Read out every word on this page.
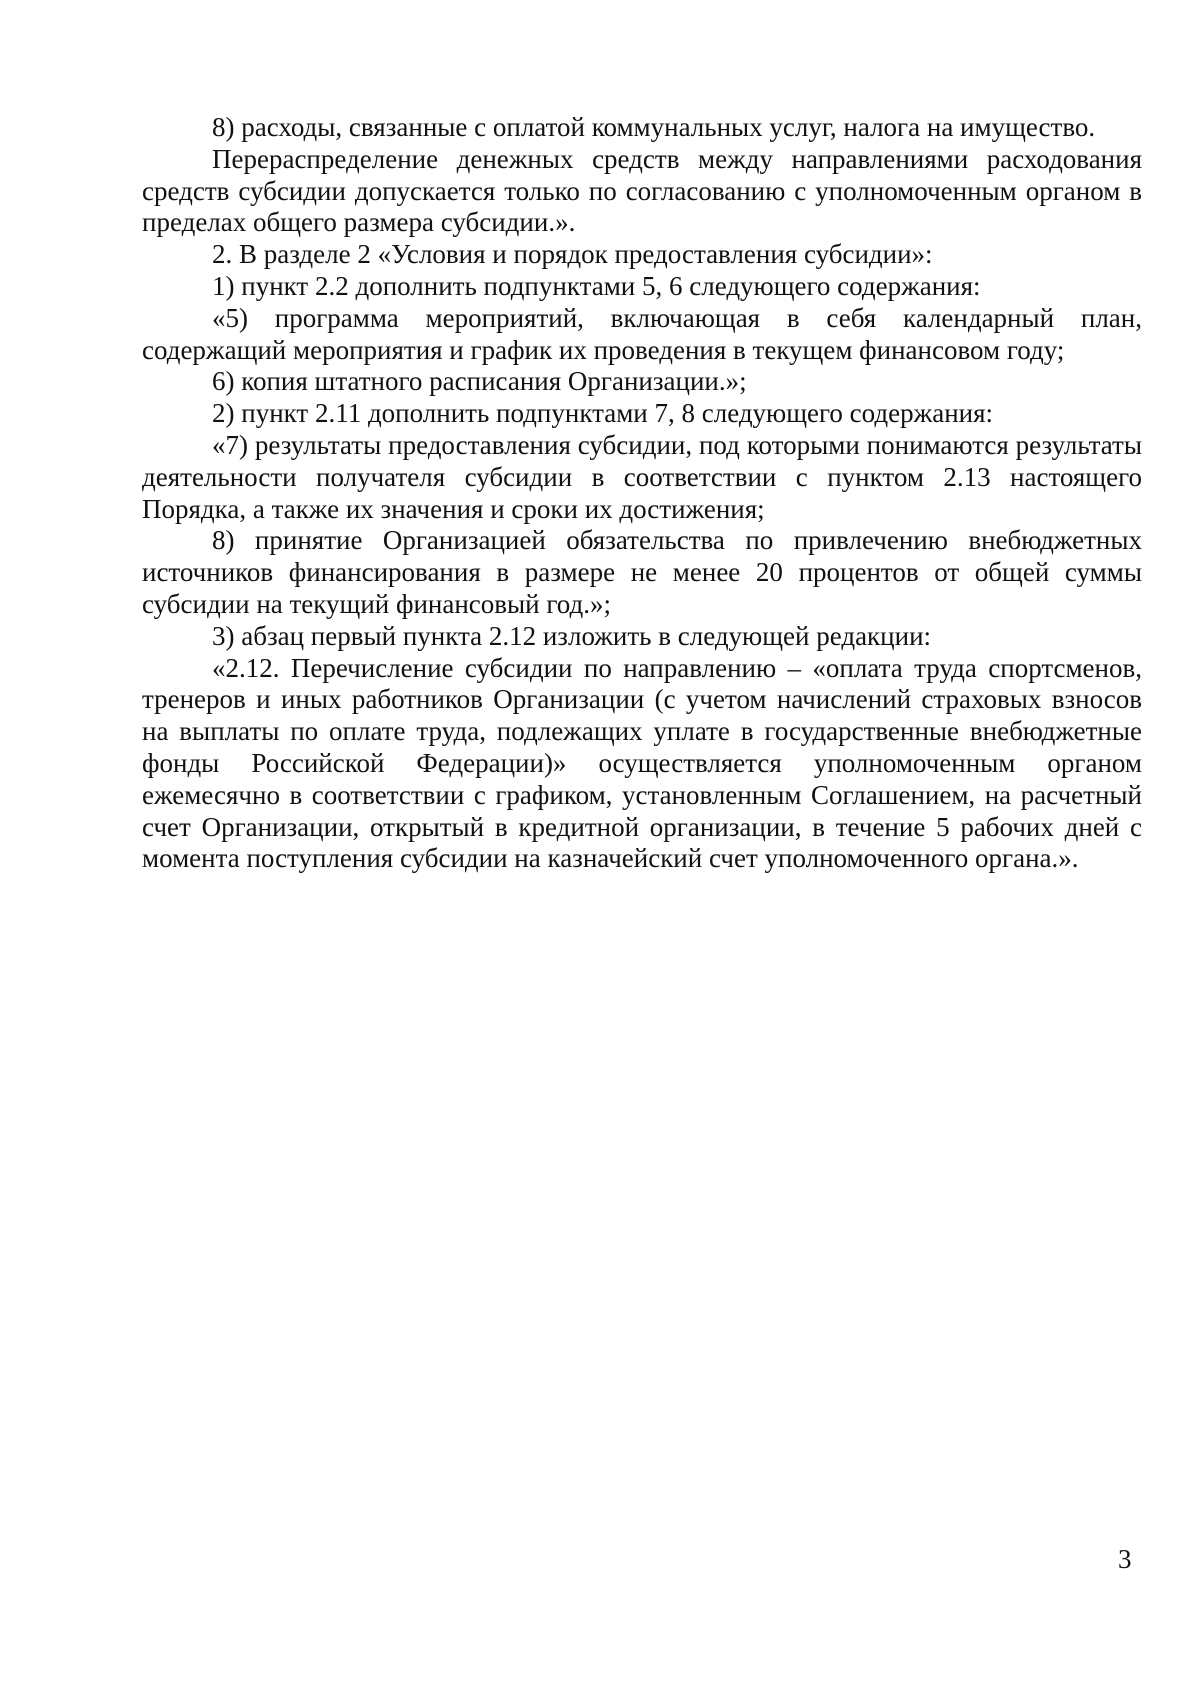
8) расходы, связанные с оплатой коммунальных услуг, налога на имущество.

Перераспределение денежных средств между направлениями расходования средств субсидии допускается только по согласованию с уполномоченным органом в пределах общего размера субсидии.».

2. В разделе 2 «Условия и порядок предоставления субсидии»:

1) пункт 2.2 дополнить подпунктами 5, 6 следующего содержания:

«5) программа мероприятий, включающая в себя календарный план, содержащий мероприятия и график их проведения в текущем финансовом году;

6) копия штатного расписания Организации.»;

2) пункт 2.11 дополнить подпунктами 7, 8 следующего содержания:

«7) результаты предоставления субсидии, под которыми понимаются результаты деятельности получателя субсидии в соответствии с пунктом 2.13 настоящего Порядка, а также их значения и сроки их достижения;

8) принятие Организацией обязательства по привлечению внебюджетных источников финансирования в размере не менее 20 процентов от общей суммы субсидии на текущий финансовый год.»;

3) абзац первый пункта 2.12 изложить в следующей редакции:

«2.12. Перечисление субсидии по направлению – «оплата труда спортсменов, тренеров и иных работников Организации (с учетом начислений страховых взносов на выплаты по оплате труда, подлежащих уплате в государственные внебюджетные фонды Российской Федерации)» осуществляется уполномоченным органом ежемесячно в соответствии с графиком, установленным Соглашением, на расчетный счет Организации, открытый в кредитной организации, в течение 5 рабочих дней с момента поступления субсидии на казначейский счет уполномоченного органа.».

3
